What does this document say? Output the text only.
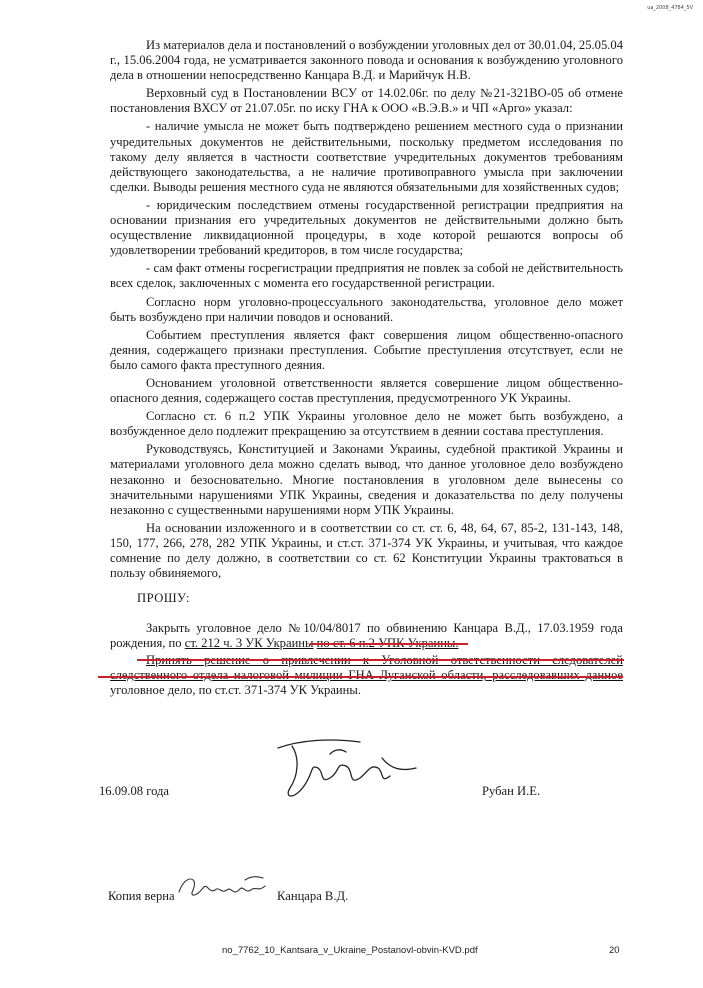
ua_2008_4784_5V

Из материалов дела и постановлений о возбуждении уголовных дел от 30.01.04, 25.05.04 г., 15.06.2004 года, не усматривается законного повода и основания к возбуждению уголовного дела в отношении непосредственно Канцара В.Д. и Марийчук Н.В.

Верховный суд в Постановлении ВСУ от 14.02.06г. по делу №21-321ВО-05 об отмене постановления ВХСУ от 21.07.05г. по иску ГНА к ООО «В.Э.В.» и ЧП «Арго» указал:

- наличие умысла не может быть подтверждено решением местного суда о признании учредительных документов не действительными, поскольку предметом исследования по такому делу является в частности соответствие учредительных документов требованиям действующего законодательства, а не наличие противоправного умысла при заключении сделки. Выводы решения местного суда не являются обязательными для хозяйственных судов;

- юридическим последствием отмены государственной регистрации предприятия на основании признания его учредительных документов не действительными должно быть осуществление ликвидационной процедуры, в ходе которой решаются вопросы об удовлетворении требований кредиторов, в том числе государства;

- сам факт отмены госрегистрации предприятия не повлек за собой не действительность всех сделок, заключенных с момента его государственной регистрации.

Согласно норм уголовно-процессуального законодательства, уголовное дело может быть возбуждено при наличии поводов и оснований.

Событием преступления является факт совершения лицом общественно-опасного деяния, содержащего признаки преступления. Событие преступления отсутствует, если не было самого факта преступного деяния.

Основанием уголовной ответственности является совершение лицом общественно-опасного деяния, содержащего состав преступления, предусмотренного УК Украины.

Согласно ст. 6 п.2 УПК Украины уголовное дело не может быть возбуждено, а возбужденное дело подлежит прекращению за отсутствием в деянии состава преступления.

Руководствуясь, Конституцией и Законами Украины, судебной практикой Украины и материалами уголовного дела можно сделать вывод, что данное уголовное дело возбуждено незаконно и безосновательно. Многие постановления в уголовном деле вынесены со значительными нарушениями УПК Украины, сведения и доказательства по делу получены незаконно с существенными нарушениями норм УПК Украины.

На основании изложенного и в соответствии со ст. ст. 6, 48, 64, 67, 85-2, 131-143, 148, 150, 177, 266, 278, 282 УПК Украины, и ст.ст. 371-374 УК Украины, и учитывая, что каждое сомнение по делу должно, в соответствии со ст. 62 Конституции Украины трактоваться в пользу обвиняемого,

ПРОШУ:

Закрыть уголовное дело №10/04/8017 по обвинению Канцара В.Д., 17.03.1959 года рождения, по ст. 212 ч. 3 УК Украины по ст. 6 п.2 УПК Украины.

Принять решение о привлечении к Уголовной ответственности следователей следственного отдела налоговой милиции ГНА Луганской области, расследовавших данное уголовное дело, по ст.ст. 371-374 УК Украины.

16.09.08 года	Рубан И.Е.
Копия верна	Канцара В.Д.
no_7762_10_Kantsara_v_Ukraine_Postanovl-obvin-KVD.pdf	20
